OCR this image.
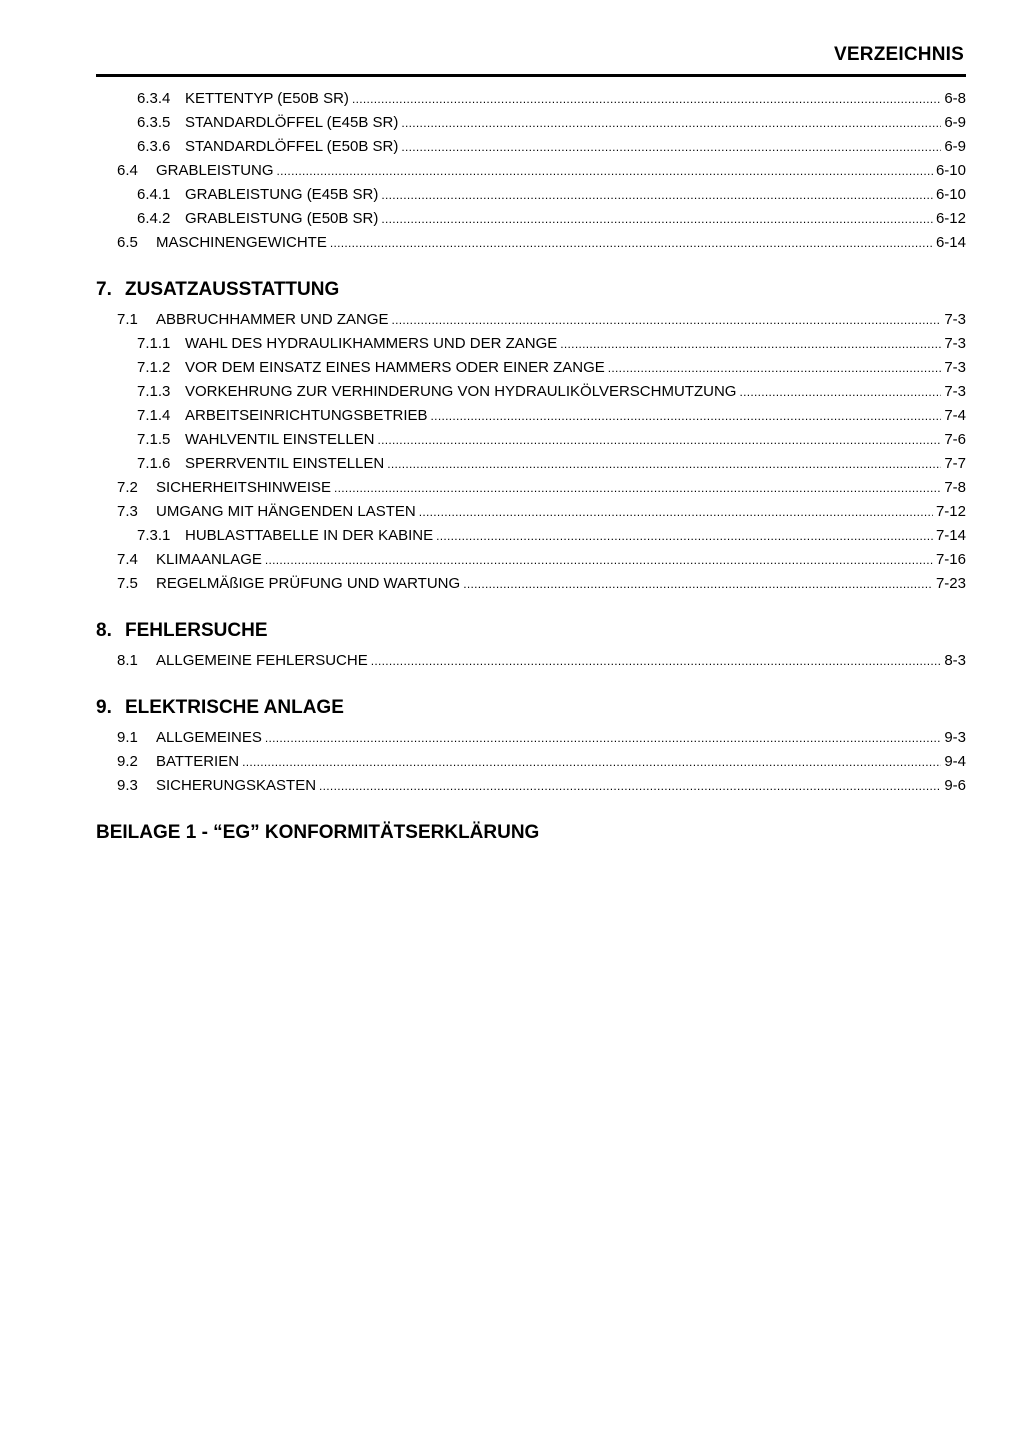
VERZEICHNIS
6.3.4 KETTENTYP (E50B SR) .....	6-8
6.3.5 STANDARDLÖFFEL (E45B SR) .....	6-9
6.3.6 STANDARDLÖFFEL (E50B SR) .....	6-9
6.4	GRABLEISTUNG .....	6-10
6.4.1 GRABLEISTUNG (E45B SR) .....	6-10
6.4.2 GRABLEISTUNG (E50B SR) .....	6-12
6.5	MASCHINENGEWICHTE .....	6-14
7. ZUSATZAUSSTATTUNG
7.1	ABBRUCHHAMMER UND ZANGE .....	7-3
7.1.1 WAHL DES HYDRAULIKHAMMERS UND DER ZANGE .....	7-3
7.1.2 VOR DEM EINSATZ EINES HAMMERS ODER EINER ZANGE .....	7-3
7.1.3 VORKEHRUNG ZUR VERHINDERUNG VON HYDRAULIKÖLVERSCHMUTZUNG .....	7-3
7.1.4 ARBEITSEINRICHTUNGSBETRIEB .....	7-4
7.1.5 WAHLVENTIL EINSTELLEN .....	7-6
7.1.6 SPERRVENTIL EINSTELLEN .....	7-7
7.2	SICHERHEITSHINWEISE .....	7-8
7.3	UMGANG MIT HÄNGENDEN LASTEN .....	7-12
7.3.1 HUBLASTTABELLE IN DER KABINE .....	7-14
7.4	KLIMAANLAGE .....	7-16
7.5	REGELMÄßIGE PRÜFUNG UND WARTUNG .....	7-23
8. FEHLERSUCHE
8.1	ALLGEMEINE FEHLERSUCHE .....	8-3
9. ELEKTRISCHE ANLAGE
9.1	ALLGEMEINES .....	9-3
9.2	BATTERIEN .....	9-4
9.3	SICHERUNGSKASTEN .....	9-6
BEILAGE 1 - “EG” KONFORMITÄTSERKLÄRUNG
